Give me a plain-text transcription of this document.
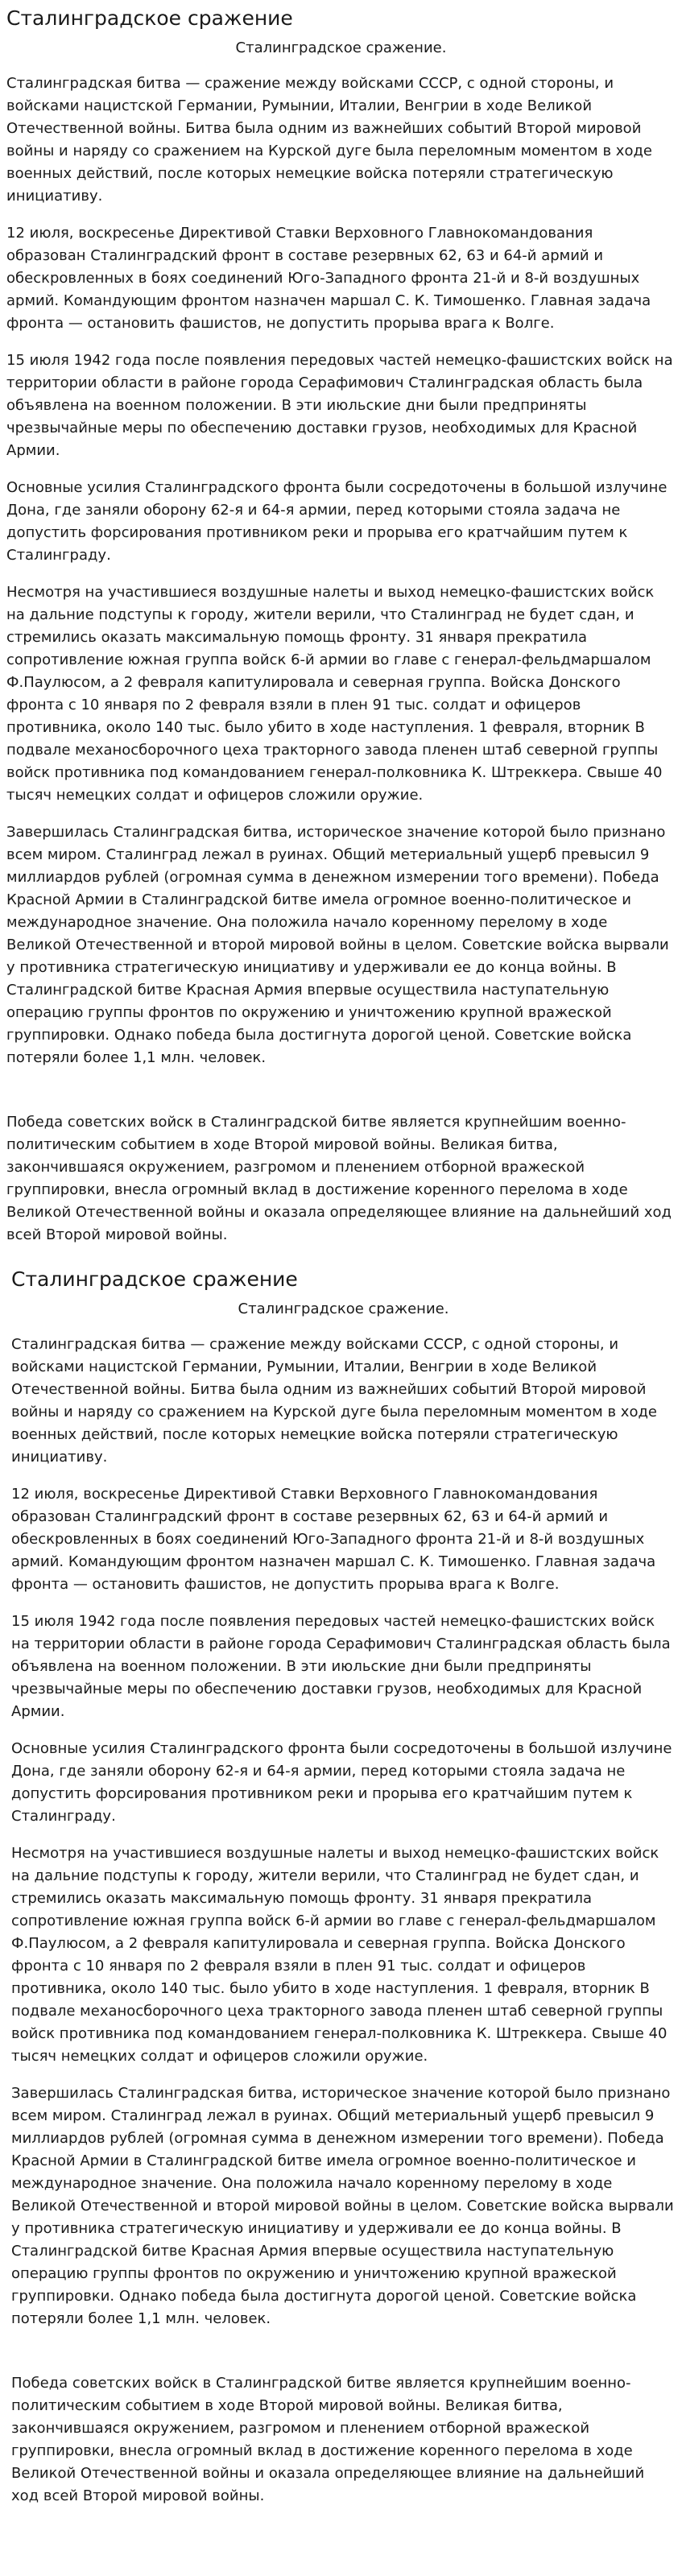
Сталинградское сражение
Сталинградское сражение.

Сталинградская битва — сражение между войсками СССР, с одной стороны, и войсками нацистской Германии, Румынии, Италии, Венгрии в ходе Великой Отечественной войны. Битва была одним из важнейших событий Второй мировой войны и наряду со сражением на Курской дуге была переломным моментом в ходе военных действий, после которых немецкие войска потеряли стратегическую инициативу.

12 июля, воскресенье Директивой Ставки Верховного Главнокомандования образован Сталинградский фронт в составе резервных 62, 63 и 64-й армий и обескровленных в боях соединений Юго-Западного фронта 21-й и 8-й воздушных армий. Командующим фронтом назначен маршал С. К. Тимошенко. Главная задача фронта — остановить фашистов, не допустить прорыва врага к Волге.

15 июля 1942 года после появления передовых частей немецко-фашистских войск на территории области в районе города Серафимович Сталинградская область была объявлена на военном положении. В эти июльские дни были предприняты чрезвычайные меры по обеспечению доставки грузов, необходимых для Красной Армии.

Основные усилия Сталинградского фронта были сосредоточены в большой излучине Дона, где заняли оборону 62-я и 64-я армии, перед которыми стояла задача не допустить форсирования противником реки и прорыва его кратчайшим путем к Сталинграду.

Несмотря на участившиеся воздушные налеты и выход немецко-фашистских войск на дальние подступы к городу, жители верили, что Сталинград не будет сдан, и стремились оказать максимальную помощь фронту. 31 января прекратила сопротивление южная группа войск 6-й армии во главе с генерал-фельдмаршалом Ф.Паулюсом, а 2 февраля капитулировала и северная группа. Войска Донского фронта с 10 января по 2 февраля взяли в плен 91 тыс. солдат и офицеров противника, около 140 тыс. было убито в ходе наступления. 1 февраля, вторник В подвале механосборочного цеха тракторного завода пленен штаб северной группы войск противника под командованием генерал-полковника К. Штреккера. Свыше 40 тысяч немецких солдат и офицеров сложили оружие.

Завершилась Сталинградская битва, историческое значение которой было признано всем миром. Сталинград лежал в руинах. Общий метериальный ущерб превысил 9 миллиардов рублей (огромная сумма в денежном измерении того времени). Победа Красной Армии в Сталинградской битве имела огромное военно-политическое и международное значение. Она положила начало коренному перелому в ходе Великой Отечественной и второй мировой войны в целом. Советские войска вырвали у противника стратегическую инициативу и удерживали ее до конца войны. В Сталинградской битве Красная Армия впервые осуществила наступательную операцию группы фронтов по окружению и уничтожению крупной вражеской группировки. Однако победа была достигнута дорогой ценой. Советские войска потеряли более 1,1 млн. человек.

Победа советских войск в Сталинградской битве является крупнейшим военно-политическим событием в ходе Второй мировой войны. Великая битва, закончившаяся окружением, разгромом и пленением отборной вражеской группировки, внесла огромный вклад в достижение коренного перелома в ходе Великой Отечественной войны и оказала определяющее влияние на дальнейший ход всей Второй мировой войны.

Сталинградское сражение
Сталинградское сражение.

Сталинградская битва — сражение между войсками СССР, с одной стороны, и войсками нацистской Германии, Румынии, Италии, Венгрии в ходе Великой Отечественной войны. Битва была одним из важнейших событий Второй мировой войны и наряду со сражением на Курской дуге была переломным моментом в ходе военных действий, после которых немецкие войска потеряли стратегическую инициативу.

12 июля, воскресенье Директивой Ставки Верховного Главнокомандования образован Сталинградский фронт в составе резервных 62, 63 и 64-й армий и обескровленных в боях соединений Юго-Западного фронта 21-й и 8-й воздушных армий. Командующим фронтом назначен маршал С. К. Тимошенко. Главная задача фронта — остановить фашистов, не допустить прорыва врага к Волге.

15 июля 1942 года после появления передовых частей немецко-фашистских войск на территории области в районе города Серафимович Сталинградская область была объявлена на военном положении. В эти июльские дни были предприняты чрезвычайные меры по обеспечению доставки грузов, необходимых для Красной Армии.

Основные усилия Сталинградского фронта были сосредоточены в большой излучине Дона, где заняли оборону 62-я и 64-я армии, перед которыми стояла задача не допустить форсирования противником реки и прорыва его кратчайшим путем к Сталинграду.

Несмотря на участившиеся воздушные налеты и выход немецко-фашистских войск на дальние подступы к городу, жители верили, что Сталинград не будет сдан, и стремились оказать максимальную помощь фронту. 31 января прекратила сопротивление южная группа войск 6-й армии во главе с генерал-фельдмаршалом Ф.Паулюсом, а 2 февраля капитулировала и северная группа. Войска Донского фронта с 10 января по 2 февраля взяли в плен 91 тыс. солдат и офицеров противника, около 140 тыс. было убито в ходе наступления. 1 февраля, вторник В подвале механосборочного цеха тракторного завода пленен штаб северной группы войск противника под командованием генерал-полковника К. Штреккера. Свыше 40 тысяч немецких солдат и офицеров сложили оружие.

Завершилась Сталинградская битва, историческое значение которой было признано всем миром. Сталинград лежал в руинах. Общий метериальный ущерб превысил 9 миллиардов рублей (огромная сумма в денежном измерении того времени). Победа Красной Армии в Сталинградской битве имела огромное военно-политическое и международное значение. Она положила начало коренному перелому в ходе Великой Отечественной и второй мировой войны в целом. Советские войска вырвали у противника стратегическую инициативу и удерживали ее до конца войны. В Сталинградской битве Красная Армия впервые осуществила наступательную операцию группы фронтов по окружению и уничтожению крупной вражеской группировки. Однако победа была достигнута дорогой ценой. Советские войска потеряли более 1,1 млн. человек.

Победа советских войск в Сталинградской битве является крупнейшим военно-политическим событием в ходе Второй мировой войны. Великая битва, закончившаяся окружением, разгромом и пленением отборной вражеской группировки, внесла огромный вклад в достижение коренного перелома в ходе Великой Отечественной войны и оказала определяющее влияние на дальнейший ход всей Второй мировой войны.
